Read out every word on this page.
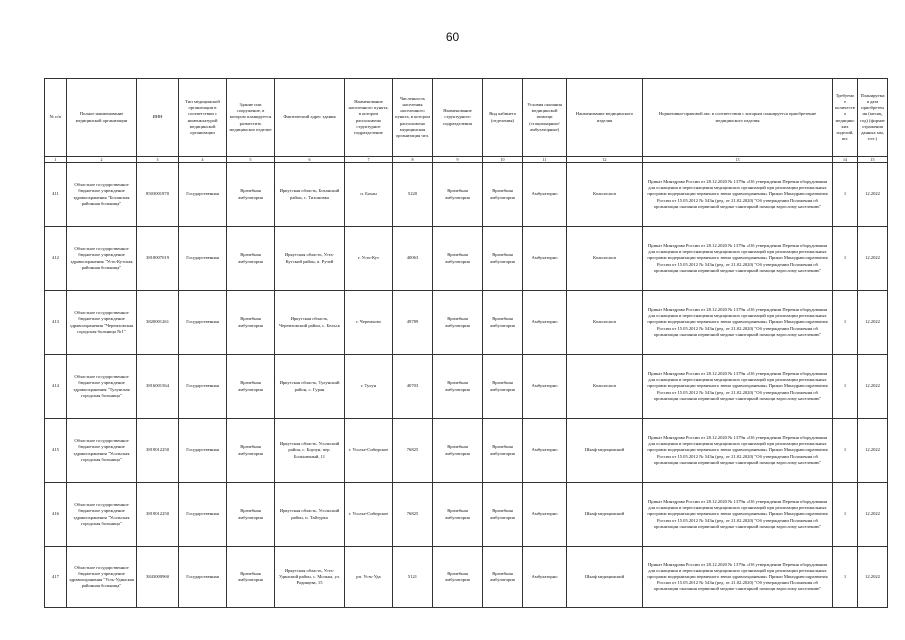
60
№ п/п	Полное наименование медицинской организации	ИНН	Тип медицинской организации в соответствии с номенклатурой медицинской организации	Здание или сооружение, в котором планируется разместить медицинское изделие	Фактический адрес здания	Наименование населенного пункта, в котором расположено структурное подразделение	Численность населения населенного пункта, в котором расположено медицинская организация чел.	Наименование структурного подразделения	Вид кабинета (отделения)	Условия оказания медицинской помощи (стационарные/амбулаторные)	Наименование медицинского изделия	Нормативно-правовой акт, в соответствии с которым планируется приобретение медицинского изделия	Требуемое количество медицинских изделий, шт.	Планируемая дата приобретения (месяц, год) (формат отражения данных мм, гггг.)
1	2	3	4	5	6	7	8	9	10	11	12	13	14	15
411	Областное государственное бюджетное учреждение здравоохранения "Боханская районная больница"	8503001870	Государственная	Врачебная амбулатория	Иркутская область, Боханский район, с. Тихоновка	п. Бохан	5220	Врачебная амбулатория	Врачебная амбулатория	Амбулаторно	Кольпоскоп	Приказ Минздрава России от 28.12.2020 № 1379н «Об утверждении Перечня оборудования для оснащения и переоснащения медицинских организаций при реализации региональных программ модернизации первичного звена здравоохранения» Приказ Минздравсоцразвития России от 15.05.2012 № 543н (ред. от 21.02.2020) "Об утверждении Положения об организации оказания первичной медико-санитарной помощи взрослому населению"	1	12.2022
412	Областное государственное бюджетное учреждение здравоохранения "Усть-Кутская районная больница"	3818007019	Государственная	Врачебная амбулатория	Иркутская область, Усть-Кутский район, п. Ручей	г. Усть-Кут	40063	Врачебная амбулатория	Врачебная амбулатория	Амбулаторно	Кольпоскоп	Приказ Минздрава России от 28.12.2020 № 1379н «Об утверждении Перечня оборудования для оснащения и переоснащения медицинских организаций при реализации региональных программ модернизации первичного звена здравоохранения» Приказ Минздравсоцразвития России от 15.05.2012 № 543н (ред. от 21.02.2020) "Об утверждении Положения об организации оказания первичной медико-санитарной помощи взрослому населению"	1	12.2022
413	Областное государственное бюджетное учреждение здравоохранения "Черемховская городская больница №1"	3820001261	Государственная	Врачебная амбулатория	Иркутская область, Черемховский район, с. Бельск	г. Черемхово	49789	Врачебная амбулатория	Врачебная амбулатория	Амбулаторно	Кольпоскоп	Приказ Минздрава России от 28.12.2020 № 1379н «Об утверждении Перечня оборудования для оснащения и переоснащения медицинских организаций при реализации региональных программ модернизации первичного звена здравоохранения» Приказ Минздравсоцразвития России от 15.05.2012 № 543н (ред. от 21.02.2020) "Об утверждении Положения об организации оказания первичной медико-санитарной помощи взрослому населению"	1	12.2022
414	Областное государственное бюджетное учреждение здравоохранения "Тулунская городская больница"	3816001564	Государственная	Врачебная амбулатория	Иркутская область, Тулунский район, с. Гуран	г. Тулун	40703	Врачебная амбулатория	Врачебная амбулатория	Амбулаторно	Кольпоскоп	Приказ Минздрава России от 28.12.2020 № 1379н «Об утверждении Перечня оборудования для оснащения и переоснащения медицинских организаций при реализации региональных программ модернизации первичного звена здравоохранения» Приказ Минздравсоцразвития России от 15.05.2012 № 543н (ред. от 21.02.2020) "Об утверждении Положения об организации оказания первичной медико-санитарной помощи взрослому населению"	1	12.2022
415	Областное государственное бюджетное учреждение здравоохранения "Усольская городская больница"	3819012250	Государственная	Врачебная амбулатория	Иркутская область, Усольский район, с. Борзун, пер. Больничный, 11	г. Усолье-Сибирское	76825	Врачебная амбулатория	Врачебная амбулатория	Амбулаторно	Шкаф медицинский	Приказ Минздрава России от 28.12.2020 № 1379н «Об утверждении Перечня оборудования для оснащения и переоснащения медицинских организаций при реализации региональных программ модернизации первичного звена здравоохранения» Приказ Минздравсоцразвития России от 15.05.2012 № 543н (ред. от 21.02.2020) "Об утверждении Положения об организации оказания первичной медико-санитарной помощи взрослому населению"	1	12.2022
416	Областное государственное бюджетное учреждение здравоохранения "Усольская городская больница"	3819012250	Государственная	Врачебная амбулатория	Иркутская область, Усольский район, п. Тайтурка	г. Усолье-Сибирское	76825	Врачебная амбулатория	Врачебная амбулатория	Амбулаторно	Шкаф медицинский	Приказ Минздрава России от 28.12.2020 № 1379н «Об утверждении Перечня оборудования для оснащения и переоснащения медицинских организаций при реализации региональных программ модернизации первичного звена здравоохранения» Приказ Минздравсоцразвития России от 15.05.2012 № 543н (ред. от 21.02.2020) "Об утверждении Положения об организации оказания первичной медико-санитарной помощи взрослому населению"	1	12.2022
417	Областное государственное бюджетное учреждение здравоохранения "Усть-Удинская районная больница"	3843000960	Государственная	Врачебная амбулатория	Иркутская область, Усть-Удинский район, с. Молька, ул. Радищева, 15	рп. Усть-Уда	5121	Врачебная амбулатория	Врачебная амбулатория	Амбулаторно	Шкаф медицинский	Приказ Минздрава России от 28.12.2020 № 1379н «Об утверждении Перечня оборудования для оснащения и переоснащения медицинских организаций при реализации региональных программ модернизации первичного звена здравоохранения» Приказ Минздравсоцразвития России от 15.05.2012 № 543н (ред. от 21.02.2020) "Об утверждении Положения об организации оказания первичной медико-санитарной помощи взрослому населению"	1	12.2022
